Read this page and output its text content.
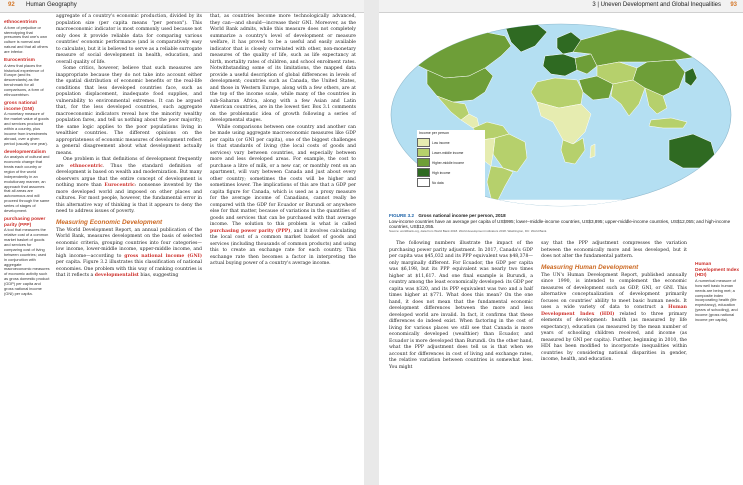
92 Human Geography
ethnocentrism
A form of prejudice or stereotyping that presumes that one's own culture is normal and natural and that all others are inferior.
Eurocentrism
A view that places the historical experience of Europe (and its descendants) as the benchmark for all comparisons, a form of ethnocentrism.
gross national income (GNI)
A monetary measure of the market value of goods and services produced within a country, plus income from investments abroad, over a given period (usually one year).
developmentalism
An analysis of cultural and economic change that treats each country or region of the world independently in an evolutionary manner, an approach that assumes that all areas are autonomous and will proceed through the same series of stages of development.
purchasing power parity (PPP)
A tool that measures the relative cost of a common market basket of goods and services for comparing cost of living between countries; used in conjunction with aggregate macroeconomic measures of economic activity such as gross domestic product (GDP) per capita and gross national income (GNI) per capita.

aggregate of a country's economic production, divided by its population size (per capita means "per person"). This macroeconomic indicator is most commonly used because not only does it provide reliable data for comparing various countries' economic performance (and is comparatively easy to calculate), but it is believed to serve as a reliable surrogate measure of social development in health, education, and overall quality of life.

Some critics, however, believe that such measures are inappropriate because they do not take into account either the spatial distribution of economic benefits or the real-life conditions that less developed countries face, such as population displacement, inadequate food supplies, and vulnerability to environmental extremes. It can be argued that, for the less developed countries, such aggregate macroeconomic indicators reveal how the minority wealthy population fares, and tell us nothing about the poor majority; the same logic applies to the poor populations living in wealthier countries. The different opinions on the appropriateness of economic measures of development reflect a general disagreement about what development actually means.

One problem is that definitions of development frequently are ethnocentric. Thus the standard definition of development is based on wealth and modernization. But many observers argue that the entire concept of development is nothing more than Eurocentric: nonsense invented by the more developed world and imposed on other places and cultures. For most people, however, the fundamental error in this alternative way of thinking is that it appears to deny the need to address issues of poverty.

Measuring Economic Development

The World Development Report, an annual publication of the World Bank, measures development on the basis of selected economic criteria, grouping countries into four categories—low income, lower-middle income, upper-middle income, and high income—according to gross national income (GNI) per capita. Figure 3.2 illustrates this classification of national economies. One problem with this way of ranking countries is that it reflects a developmentalist bias, suggesting

that, as countries become more technologically advanced, they can—and should—increase their GNI. Moreover, as the World Bank admits, while this measure does not completely summarize a country's level of development or measure welfare, it has proved to be a useful and easily available indicator that is closely correlated with other, non-monetary measures of the quality of life, such as life expectancy at birth, mortality rates of children, and school enrolment rates. Notwithstanding some of its limitations, the mapped data provide a useful description of global differences in levels of development; countries such as Canada, the United States, and those in Western Europe, along with a few others, are at the top of the income scale, while many of the countries in sub-Saharan Africa, along with a few Asian and Latin American countries, are in the lowest tier. Box 3.1 comments on the problematic idea of growth following a series of developmental stages.

While comparisons between one country and another can be made using aggregate macroeconomic measures like GDP per capita (or GNI per capita), one of the biggest challenges is that standards of living (the local costs of goods and services) vary between countries, and especially between more and less developed areas. For example, the cost to purchase a litre of milk, or a new car, or monthly rent on an apartment, will vary between Canada and just about every other country; sometimes the costs will be higher and sometimes lower. The implications of this are that a GDP per capita figure for Canada, which is used as a proxy measure for the average income of Canadians, cannot really be compared with the GDP for Ecuador or Burundi or anywhere else for that matter, because of variations in the quantities of goods and services that can be purchased with that average income. The solution to this problem is what is called purchasing power parity (PPP), and it involves calculating the local cost of a common market basket of goods and services (including thousands of common products) and using this to create an exchange rate for each country. This exchange rate then becomes a factor in interpreting the actual buying power of a country's average income.

3 | Uneven Development and Global Inequalities 93
Income per person
Low income
Lower-middle income
Higher-middle income
High income
No data
FIGURE 3.2 Gross national income per person, 2018
Low-income countries have an average per capita of US$995; lower–middle-income countries, US$3,895; upper-middle-income countries, US$12,055; and high-income countries, US$12,055.
Source: worldbank.org, data from World Bank 2018. World development indicators 2018. Washington, DC: World Bank.

The following numbers illustrate the impact of the purchasing power parity adjustment. In 2017, Canada's GDP per capita was $45,032 and its PPP equivalent was $48,378—only marginally different. For Ecuador, the GDP per capita was $6,198, but its PPP equivalent was nearly two times higher at $11,617. And one final example is Burundi, a country among the least economically developed: its GDP per capita was $320, and its PPP equivalent was two and a half times higher at $771. What does this mean? On the one hand, it does not mean that the fundamental economic development differences between the more and less developed world are invalid. In fact, it confirms that these differences do indeed exist. When factoring in the cost of living for various places we still see that Canada is more economically developed (wealthier) than Ecuador, and Ecuador is more developed than Burundi. On the other hand, what the PPP adjustment does tell us is that when we account for differences in cost of living and exchange rates, the relative variation between countries is somewhat less. You might

say that the PPP adjustment compresses the variation between the economically more and less developed, but it does not alter the fundamental pattern.

Measuring Human Development

The UN's Human Development Report, published annually since 1990, is intended to complement the economic measures of development such as GDP, GNI, or GNI. This alternative conceptualization of development primarily focuses on countries' ability to meet basic human needs. It uses a wide variety of data to construct a Human Development Index (HDI) related to three primary elements of development: health (as measured by life expectancy), education (as measured by the mean number of years of schooling children received, and income (as measured by GNI per capita). Further, beginning in 2010, the HDI has been modified to incorporate inequalities within countries by considering national disparities in gender, income, health, and education.

Human Development Index (HDI)
A numerical measure of how well basic human needs are being met; a composite index incorporating health (life expectancy), education (years of schooling), and income (gross national income per capita).
